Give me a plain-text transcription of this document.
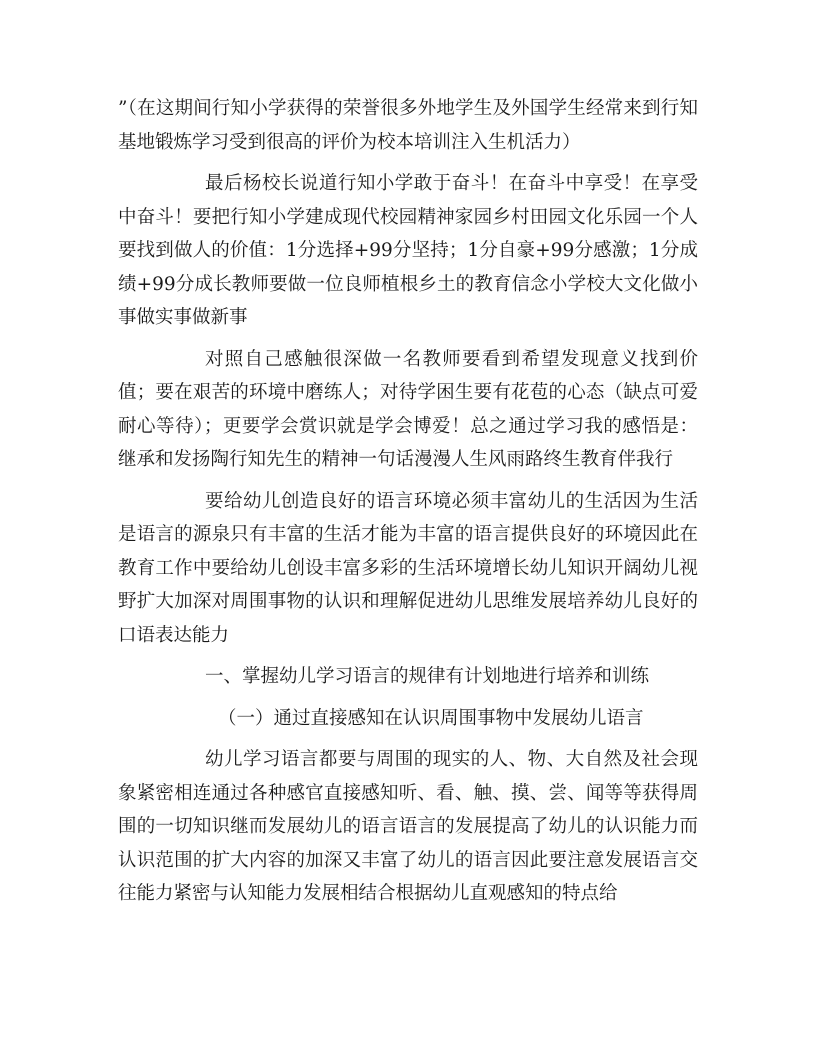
”（在这期间行知小学获得的荣誉很多外地学生及外国学生经常来到行知基地锻炼学习受到很高的评价为校本培训注入生机活力）

最后杨校长说道行知小学敢于奋斗！在奋斗中享受！在享受中奋斗！要把行知小学建成现代校园精神家园乡村田园文化乐园一个人要找到做人的价值：1分选择+99分坚持；1分自豪+99分感激；1分成绩+99分成长教师要做一位良师植根乡土的教育信念小学校大文化做小事做实事做新事

对照自己感触很深做一名教师要看到希望发现意义找到价值；要在艰苦的环境中磨练人；对待学困生要有花苞的心态（缺点可爱耐心等待）；更要学会赏识就是学会博爱！总之通过学习我的感悟是：继承和发扬陶行知先生的精神一句话漫漫人生风雨路终生教育伴我行

要给幼儿创造良好的语言环境必须丰富幼儿的生活因为生活是语言的源泉只有丰富的生活才能为丰富的语言提供良好的环境因此在教育工作中要给幼儿创设丰富多彩的生活环境增长幼儿知识开阔幼儿视野扩大加深对周围事物的认识和理解促进幼儿思维发展培养幼儿良好的口语表达能力

一、掌握幼儿学习语言的规律有计划地进行培养和训练

（一）通过直接感知在认识周围事物中发展幼儿语言

幼儿学习语言都要与周围的现实的人、物、大自然及社会现象紧密相连通过各种感官直接感知听、看、触、摸、尝、闻等等获得周围的一切知识继而发展幼儿的语言语言的发展提高了幼儿的认识能力而认识范围的扩大内容的加深又丰富了幼儿的语言因此要注意发展语言交往能力紧密与认知能力发展相结合根据幼儿直观感知的特点给
